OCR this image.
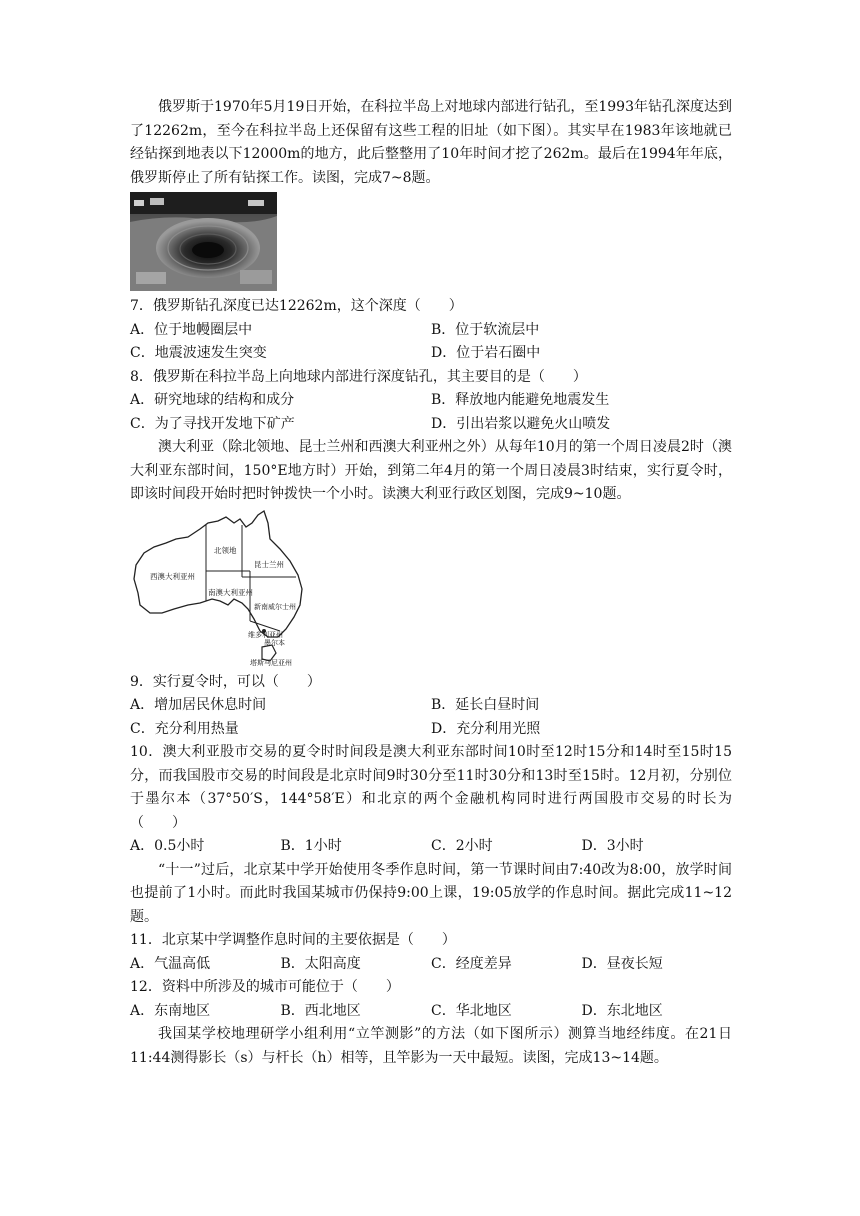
俄罗斯于1970年5月19日开始，在科拉半岛上对地球内部进行钻孔，至1993年钻孔深度达到了12262m，至今在科拉半岛上还保留有这些工程的旧址（如下图）。其实早在1983年该地就已经钻探到地表以下12000m的地方，此后整整用了10年时间才挖了262m。最后在1994年年底，俄罗斯停止了所有钻探工作。读图，完成7~8题。

7．俄罗斯钻孔深度已达12262m，这个深度（　　）

A．位于地幔圈层中	B．位于软流层中
C．地震波速发生突变	D．位于岩石圈中

8．俄罗斯在科拉半岛上向地球内部进行深度钻孔，其主要目的是（　　）

A．研究地球的结构和成分	B．释放地内能避免地震发生
C．为了寻找开发地下矿产	D．引出岩浆以避免火山喷发

澳大利亚（除北领地、昆士兰州和西澳大利亚州之外）从每年10月的第一个周日凌晨2时（澳大利亚东部时间，150°E地方时）开始，到第二年4月的第一个周日凌晨3时结束，实行夏令时，即该时间段开始时把时钟拨快一个小时。读澳大利亚行政区划图，完成9~10题。

西澳大利亚州
北领地
昆士兰州
南澳大利亚州
新南威尔士州
维多利亚州
墨尔本
塔斯马尼亚州

9．实行夏令时，可以（　　）

A．增加居民休息时间	B．延长白昼时间
C．充分利用热量	D．充分利用光照

10．澳大利亚股市交易的夏令时时间段是澳大利亚东部时间10时至12时15分和14时至15时15分，而我国股市交易的时间段是北京时间9时30分至11时30分和13时至15时。12月初，分别位于墨尔本（37°50′S，144°58′E）和北京的两个金融机构同时进行两国股市交易的时长为（　　）

A．0.5小时	B．1小时	C．2小时	D．3小时

“十一”过后，北京某中学开始使用冬季作息时间，第一节课时间由7:40改为8:00，放学时间也提前了1小时。而此时我国某城市仍保持9:00上课，19:05放学的作息时间。据此完成11~12题。

11．北京某中学调整作息时间的主要依据是（　　）

A．气温高低	B．太阳高度	C．经度差异	D．昼夜长短

12．资料中所涉及的城市可能位于（　　）

A．东南地区	B．西北地区	C．华北地区	D．东北地区

我国某学校地理研学小组利用“立竿测影”的方法（如下图所示）测算当地经纬度。在21日11:44测得影长（s）与杆长（h）相等，且竿影为一天中最短。读图，完成13~14题。
